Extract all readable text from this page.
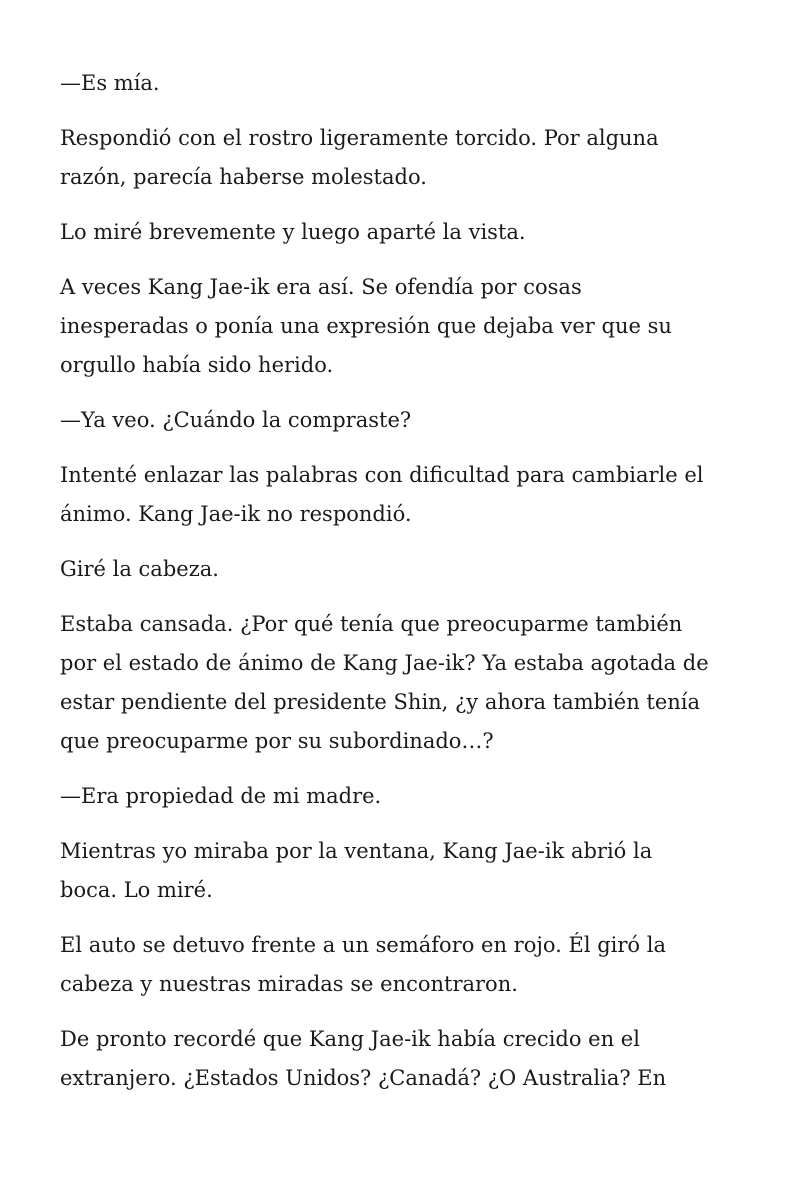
—Es mía.

Respondió con el rostro ligeramente torcido. Por alguna
razón, parecía haberse molestado.

Lo miré brevemente y luego aparté la vista.

A veces Kang Jae-ik era así. Se ofendía por cosas
inesperadas o ponía una expresión que dejaba ver que su
orgullo había sido herido.

—Ya veo. ¿Cuándo la compraste?

Intenté enlazar las palabras con dificultad para cambiarle el
ánimo. Kang Jae-ik no respondió.

Giré la cabeza.

Estaba cansada. ¿Por qué tenía que preocuparme también
por el estado de ánimo de Kang Jae-ik? Ya estaba agotada de
estar pendiente del presidente Shin, ¿y ahora también tenía
que preocuparme por su subordinado…?

—Era propiedad de mi madre.

Mientras yo miraba por la ventana, Kang Jae-ik abrió la
boca. Lo miré.

El auto se detuvo frente a un semáforo en rojo. Él giró la
cabeza y nuestras miradas se encontraron.

De pronto recordé que Kang Jae-ik había crecido en el
extranjero. ¿Estados Unidos? ¿Canadá? ¿O Australia? En
